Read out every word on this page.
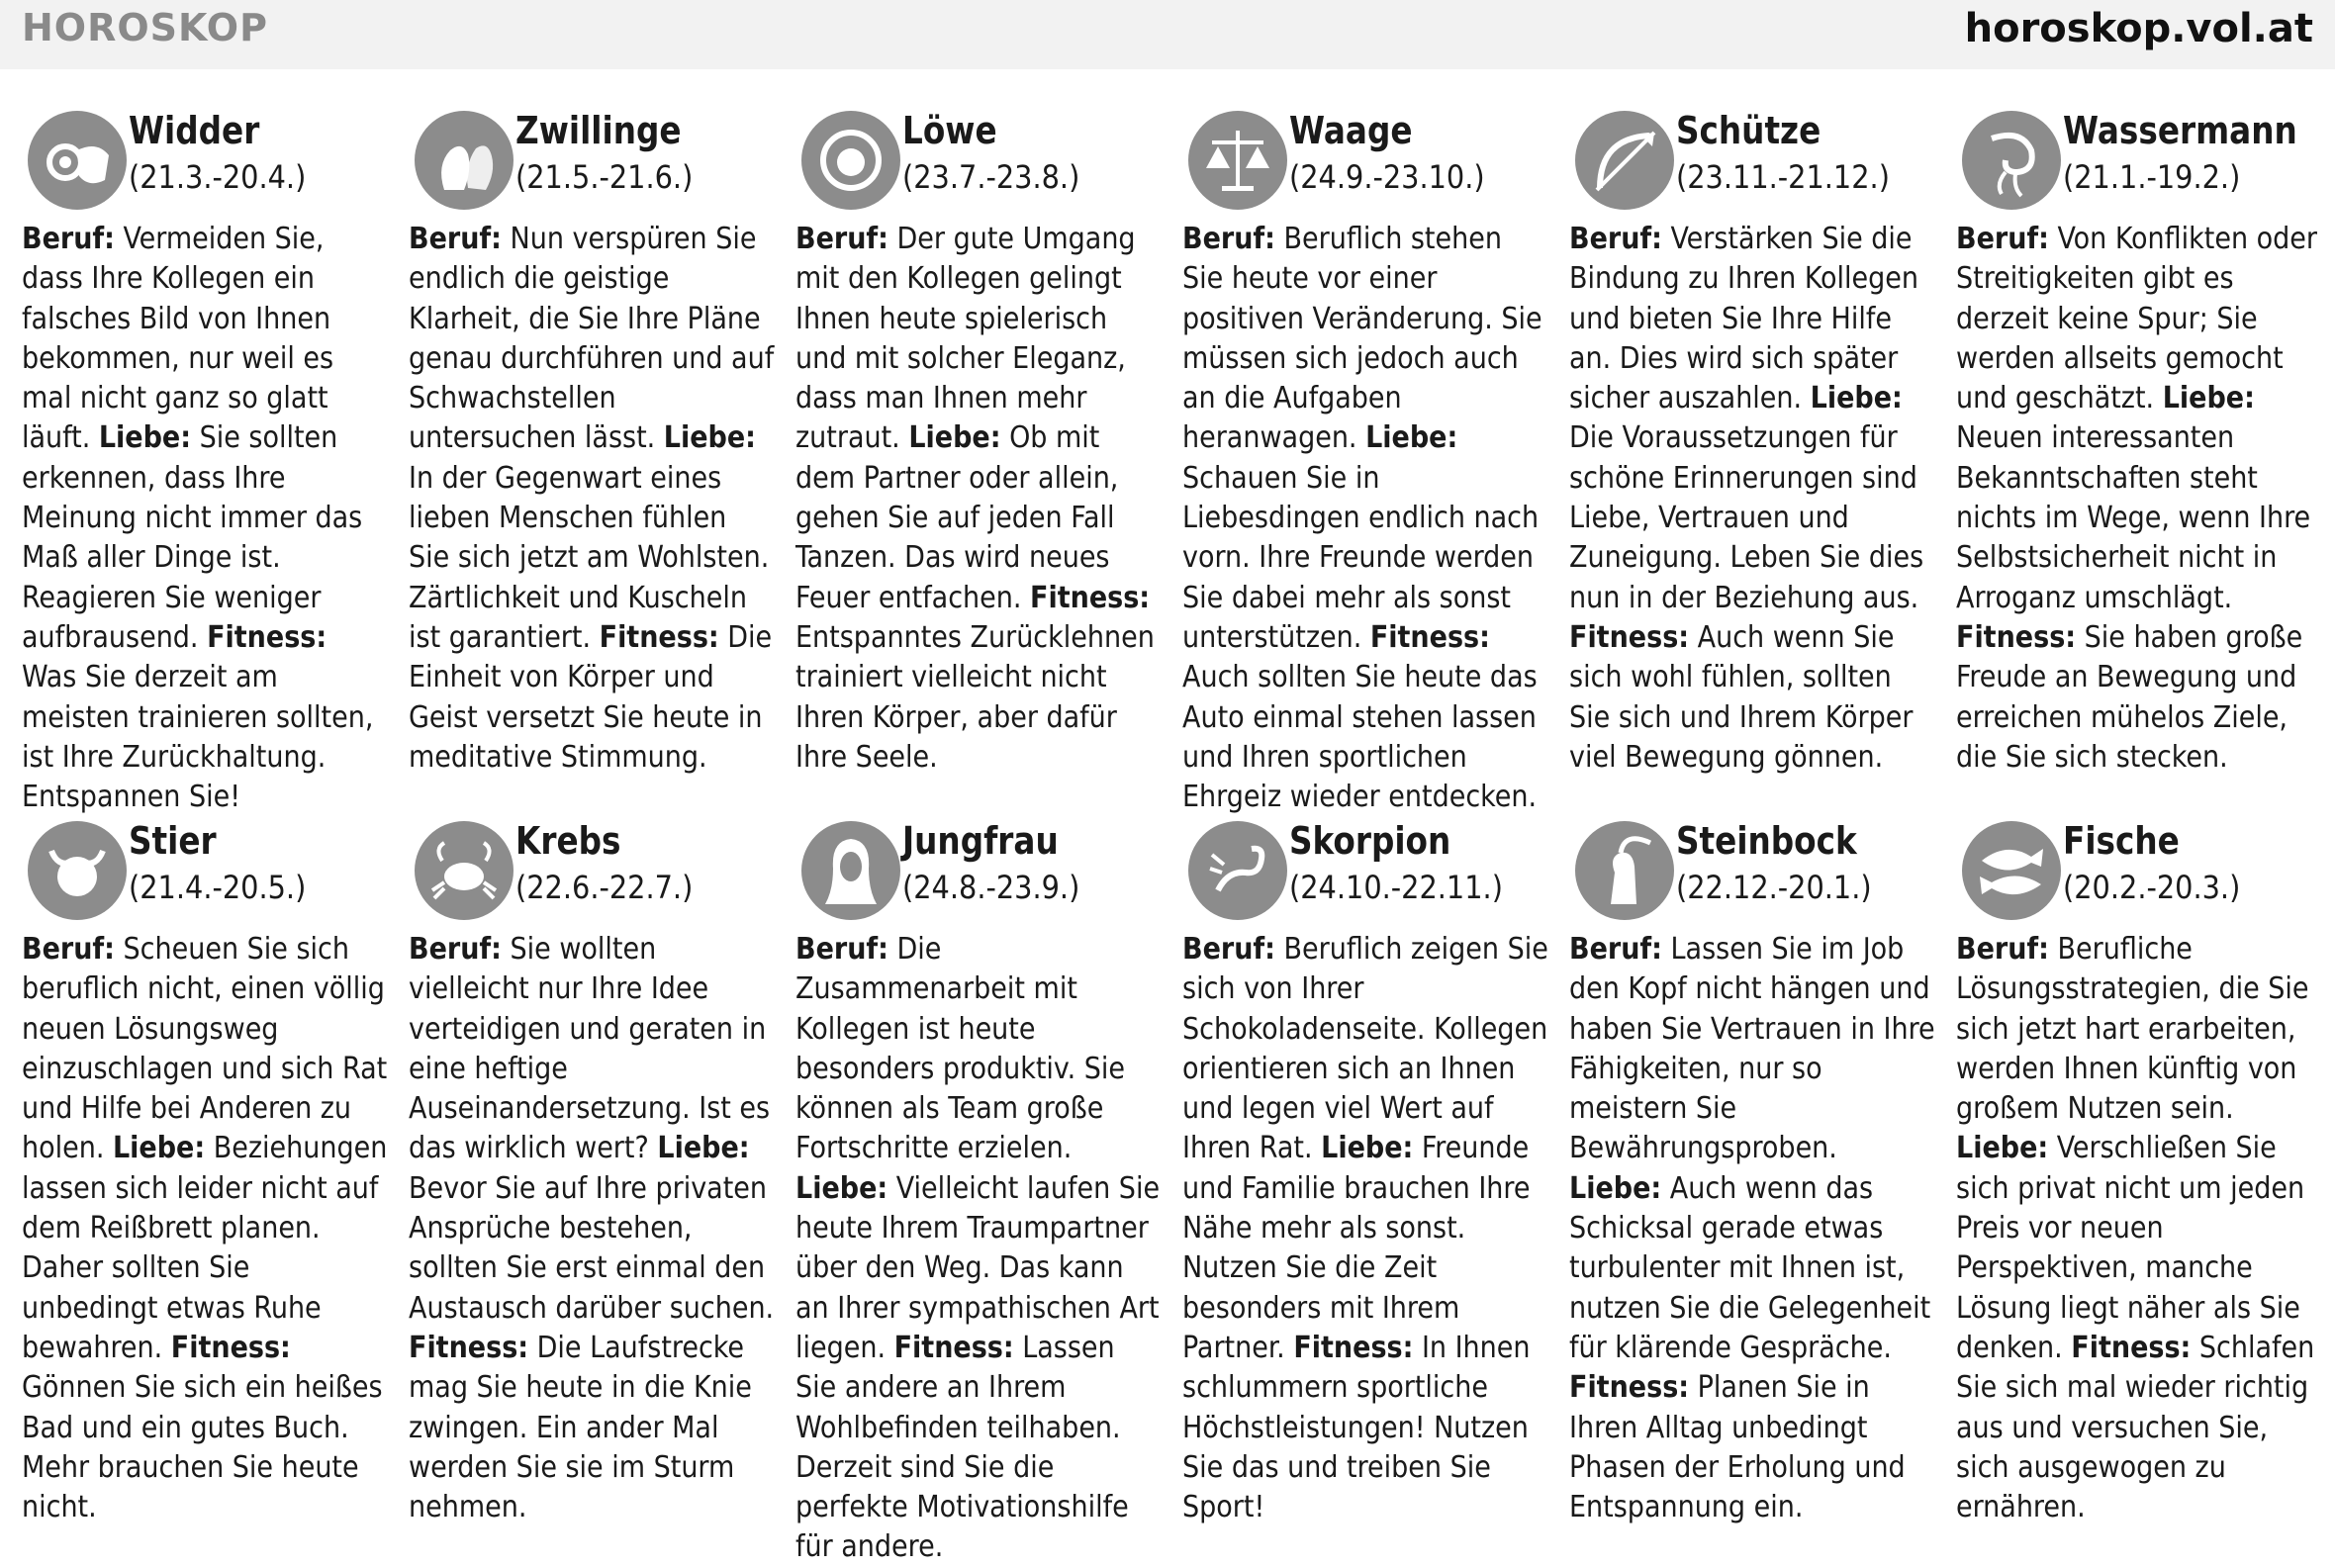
HOROSKOP	horoskop.vol.at
Widder
(21.3.-20.4.)
Beruf: Vermeiden Sie, dass Ihre Kollegen ein falsches Bild von Ihnen bekommen, nur weil es mal nicht ganz so glatt läuft. Liebe: Sie sollten erkennen, dass Ihre Meinung nicht immer das Maß aller Dinge ist. Reagieren Sie weniger aufbrausend. Fitness: Was Sie derzeit am meisten trainieren sollten, ist Ihre Zurückhaltung. Entspannen Sie!
Zwillinge
(21.5.-21.6.)
Beruf: Nun verspüren Sie endlich die geistige Klarheit, die Sie Ihre Pläne genau durchführen und auf Schwachstellen untersuchen lässt. Liebe: In der Gegenwart eines lieben Menschen fühlen Sie sich jetzt am Wohlsten. Zärtlichkeit und Kuscheln ist garantiert. Fitness: Die Einheit von Körper und Geist versetzt Sie heute in meditative Stimmung.
Löwe
(23.7.-23.8.)
Beruf: Der gute Umgang mit den Kollegen gelingt Ihnen heute spielerisch und mit solcher Eleganz, dass man Ihnen mehr zutraut. Liebe: Ob mit dem Partner oder allein, gehen Sie auf jeden Fall Tanzen. Das wird neues Feuer entfachen. Fitness: Entspanntes Zurücklehnen trainiert vielleicht nicht Ihren Körper, aber dafür Ihre Seele.
Waage
(24.9.-23.10.)
Beruf: Beruflich stehen Sie heute vor einer positiven Veränderung. Sie müssen sich jedoch auch an die Aufgaben heranwagen. Liebe: Schauen Sie in Liebesdingen endlich nach vorn. Ihre Freunde werden Sie dabei mehr als sonst unterstützen. Fitness: Auch sollten Sie heute das Auto einmal stehen lassen und Ihren sportlichen Ehrgeiz wieder entdecken.
Schütze
(23.11.-21.12.)
Beruf: Verstärken Sie die Bindung zu Ihren Kollegen und bieten Sie Ihre Hilfe an. Dies wird sich später sicher auszahlen. Liebe: Die Voraussetzungen für schöne Erinnerungen sind Liebe, Vertrauen und Zuneigung. Leben Sie dies nun in der Beziehung aus. Fitness: Auch wenn Sie sich wohl fühlen, sollten Sie sich und Ihrem Körper viel Bewegung gönnen.
Wassermann
(21.1.-19.2.)
Beruf: Von Konflikten oder Streitigkeiten gibt es derzeit keine Spur; Sie werden allseits gemocht und geschätzt. Liebe: Neuen interessanten Bekanntschaften steht nichts im Wege, wenn Ihre Selbstsicherheit nicht in Arroganz umschlägt. Fitness: Sie haben große Freude an Bewegung und erreichen mühelos Ziele, die Sie sich stecken.
Stier
(21.4.-20.5.)
Beruf: Scheuen Sie sich beruflich nicht, einen völlig neuen Lösungsweg einzuschlagen und sich Rat und Hilfe bei Anderen zu holen. Liebe: Beziehungen lassen sich leider nicht auf dem Reißbrett planen. Daher sollten Sie unbedingt etwas Ruhe bewahren. Fitness: Gönnen Sie sich ein heißes Bad und ein gutes Buch. Mehr brauchen Sie heute nicht.
Krebs
(22.6.-22.7.)
Beruf: Sie wollten vielleicht nur Ihre Idee verteidigen und geraten in eine heftige Auseinandersetzung. Ist es das wirklich wert? Liebe: Bevor Sie auf Ihre privaten Ansprüche bestehen, sollten Sie erst einmal den Austausch darüber suchen. Fitness: Die Laufstrecke mag Sie heute in die Knie zwingen. Ein ander Mal werden Sie sie im Sturm nehmen.
Jungfrau
(24.8.-23.9.)
Beruf: Die Zusammenarbeit mit Kollegen ist heute besonders produktiv. Sie können als Team große Fortschritte erzielen. Liebe: Vielleicht laufen Sie heute Ihrem Traumpartner über den Weg. Das kann an Ihrer sympathischen Art liegen. Fitness: Lassen Sie andere an Ihrem Wohlbefinden teilhaben. Derzeit sind Sie die perfekte Motivationshilfe für andere.
Skorpion
(24.10.-22.11.)
Beruf: Beruflich zeigen Sie sich von Ihrer Schokoladenseite. Kollegen orientieren sich an Ihnen und legen viel Wert auf Ihren Rat. Liebe: Freunde und Familie brauchen Ihre Nähe mehr als sonst. Nutzen Sie die Zeit besonders mit Ihrem Partner. Fitness: In Ihnen schlummern sportliche Höchstleistungen! Nutzen Sie das und treiben Sie Sport!
Steinbock
(22.12.-20.1.)
Beruf: Lassen Sie im Job den Kopf nicht hängen und haben Sie Vertrauen in Ihre Fähigkeiten, nur so meistern Sie Bewährungsproben. Liebe: Auch wenn das Schicksal gerade etwas turbulenter mit Ihnen ist, nutzen Sie die Gelegenheit für klärende Gespräche. Fitness: Planen Sie in Ihren Alltag unbedingt Phasen der Erholung und Entspannung ein.
Fische
(20.2.-20.3.)
Beruf: Berufliche Lösungsstrategien, die Sie sich jetzt hart erarbeiten, werden Ihnen künftig von großem Nutzen sein. Liebe: Verschließen Sie sich privat nicht um jeden Preis vor neuen Perspektiven, manche Lösung liegt näher als Sie denken. Fitness: Schlafen Sie sich mal wieder richtig aus und versuchen Sie, sich ausgewogen zu ernähren.
